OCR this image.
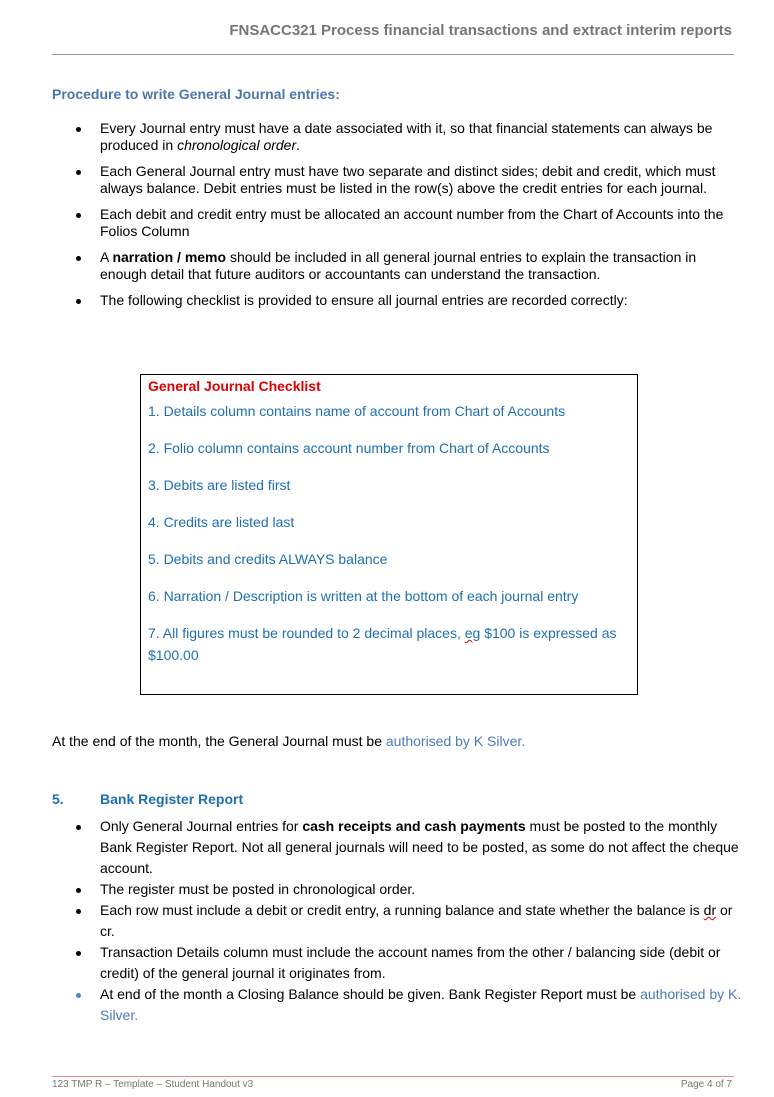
FNSACC321 Process financial transactions and extract interim reports
Procedure to write General Journal entries:
Every Journal entry must have a date associated with it, so that financial statements can always be produced in chronological order.
Each General Journal entry must have two separate and distinct sides; debit and credit, which must always balance. Debit entries must be listed in the row(s) above the credit entries for each journal.
Each debit and credit entry must be allocated an account number from the Chart of Accounts into the Folios Column
A narration / memo should be included in all general journal entries to explain the transaction in enough detail that future auditors or accountants can understand the transaction.
The following checklist is provided to ensure all journal entries are recorded correctly:
General Journal Checklist
1. Details column contains name of account from Chart of Accounts
2. Folio column contains account number from Chart of Accounts
3. Debits are listed first
4. Credits are listed last
5. Debits and credits ALWAYS balance
6. Narration / Description is written at the bottom of each journal entry
7. All figures must be rounded to 2 decimal places, eg $100 is expressed as $100.00
At the end of the month, the General Journal must be authorised by K Silver.
5.	Bank Register Report
Only General Journal entries for cash receipts and cash payments must be posted to the monthly Bank Register Report. Not all general journals will need to be posted, as some do not affect the cheque account.
The register must be posted in chronological order.
Each row must include a debit or credit entry, a running balance and state whether the balance is dr or cr.
Transaction Details column must include the account names from the other / balancing side (debit or credit) of the general journal it originates from.
At end of the month a Closing Balance should be given. Bank Register Report must be authorised by K. Silver.
123 TMP R – Template – Student Handout v3	Page 4 of 7
